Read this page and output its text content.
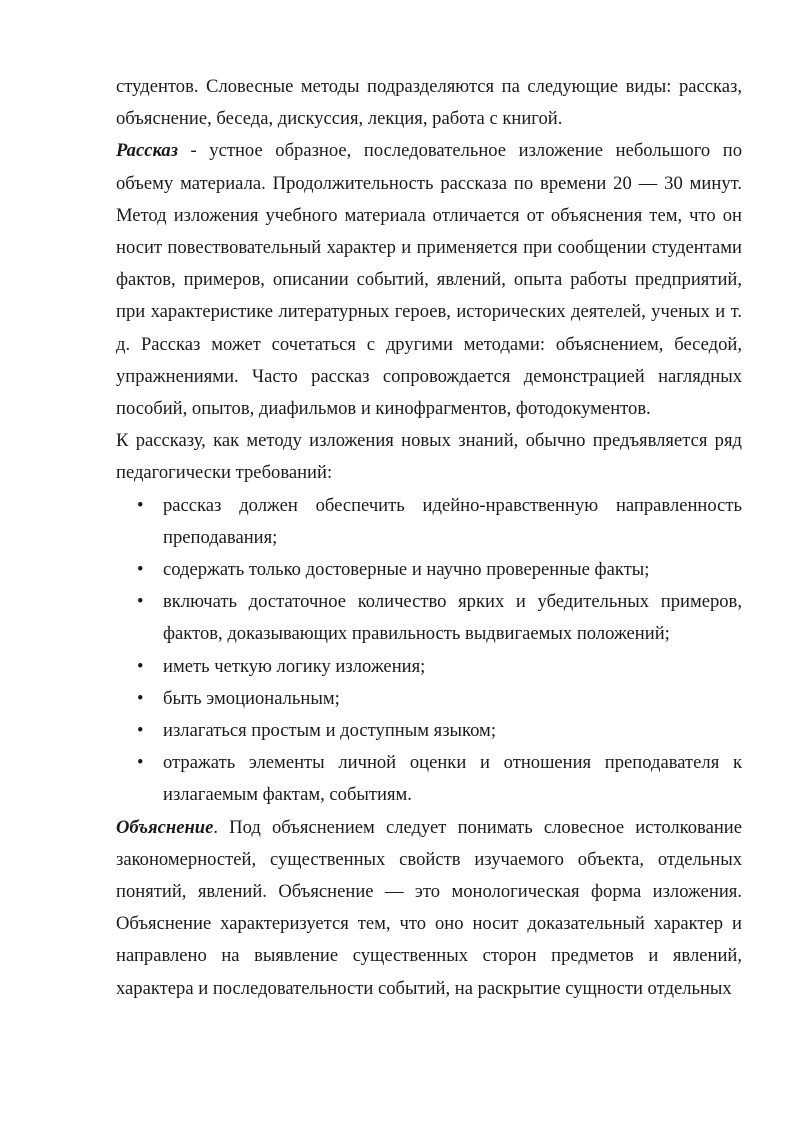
студентов. Словесные методы подразделяются па следующие виды: рассказ, объяснение, беседа, дискуссия, лекция, работа с книгой.

Рассказ - устное образное, последовательное изложение небольшого по объему материала. Продолжительность рассказа по времени 20 — 30 минут. Метод изложения учебного материала отличается от объяснения тем, что он носит повествовательный характер и применяется при сообщении студентами фактов, примеров, описании событий, явлений, опыта работы предприятий, при характеристике литературных героев, исторических деятелей, ученых и т. д. Рассказ может сочетаться с другими методами: объяснением, беседой, упражнениями. Часто рассказ сопровождается демонстрацией наглядных пособий, опытов, диафильмов и кинофрагментов, фотодокументов.

К рассказу, как методу изложения новых знаний, обычно предъявляется ряд педагогически требований:

• рассказ должен обеспечить идейно-нравственную направленность преподавания;
• содержать только достоверные и научно проверенные факты;
• включать достаточное количество ярких и убедительных примеров, фактов, доказывающих правильность выдвигаемых положений;
• иметь четкую логику изложения;
• быть эмоциональным;
• излагаться простым и доступным языком;
• отражать элементы личной оценки и отношения преподавателя к излагаемым фактам, событиям.

Объяснение. Под объяснением следует понимать словесное истолкование закономерностей, существенных свойств изучаемого объекта, отдельных понятий, явлений. Объяснение — это монологическая форма изложения. Объяснение характеризуется тем, что оно носит доказательный характер и направлено на выявление существенных сторон предметов и явлений, характера и последовательности событий, на раскрытие сущности отдельных
